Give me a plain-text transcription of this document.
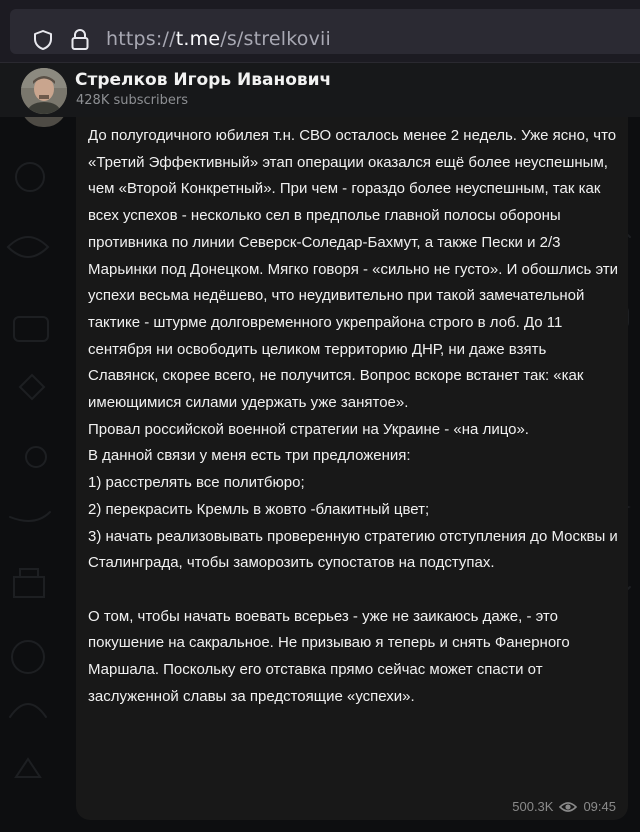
https://t.me/s/strelkovii
Стрелков Игорь Иванович
428K subscribers
До полугодичного юбилея т.н. СВО осталось менее 2 недель. Уже ясно, что «Третий Эффективный» этап операции оказался ещё более неуспешным, чем «Второй Конкретный». При чем - гораздо более неуспешным, так как всех успехов - несколько сел в предполье главной полосы обороны противника по линии Северск-Соледар-Бахмут, а также Пески и 2/3 Марьинки под Донецком. Мягко говоря - «сильно не густо». И обошлись эти успехи весьма недёшево, что неудивительно при такой замечательной тактике - штурме долговременного укрепрайона строго в лоб. До 11 сентября ни освободить целиком территорию ДНР, ни даже взять Славянск, скорее всего, не получится. Вопрос вскоре встанет так: «как имеющимися силами удержать уже занятое».
Провал российской военной стратегии на Украине - «на лицо».
В данной связи у меня есть три предложения:
1) расстрелять все политбюро;
2) перекрасить Кремль в жовто -блакитный цвет;
3) начать реализовывать проверенную стратегию отступления до Москвы и Сталинграда, чтобы заморозить супостатов на подступах.

О том, чтобы начать воевать всерьез - уже не заикаюсь даже, - это покушение на сакральное. Не призываю я теперь и снять Фанерного Маршала. Поскольку его отставка прямо сейчас может спасти от заслуженной славы за предстоящие «успехи».
500.3K 09:45
